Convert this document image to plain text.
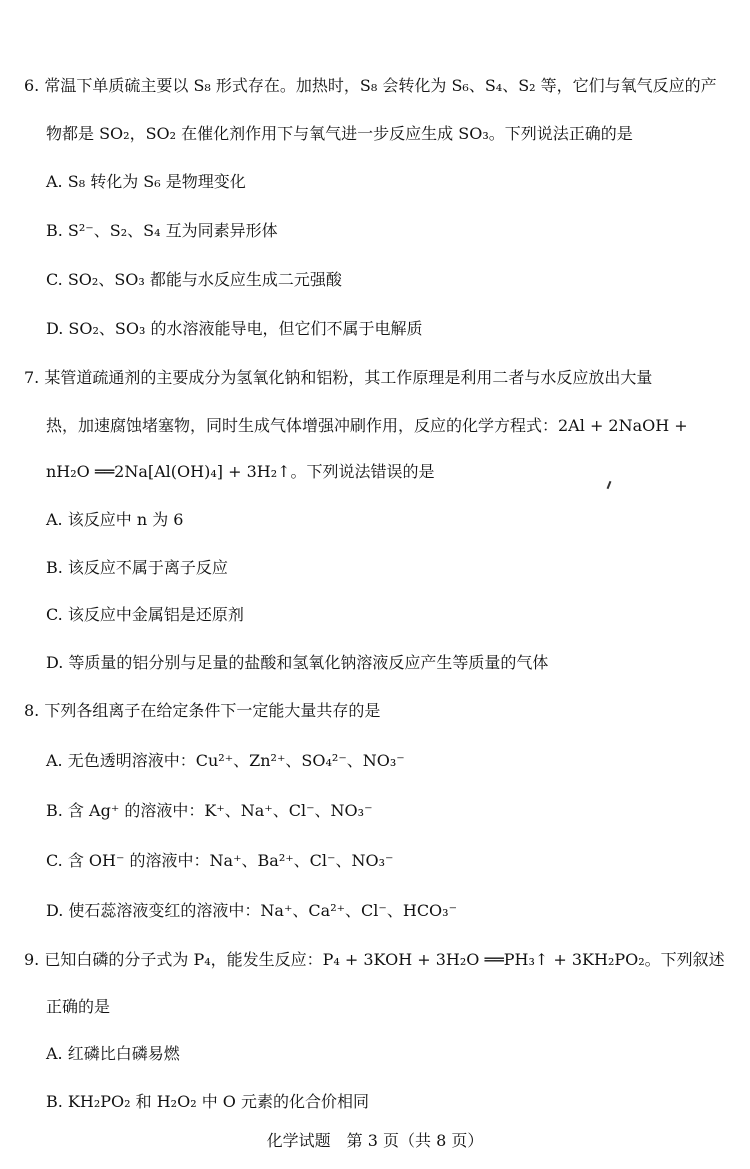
6. 常温下单质硫主要以 S₈ 形式存在。加热时，S₈ 会转化为 S₆、S₄、S₂ 等，它们与氧气反应的产
物都是 SO₂，SO₂ 在催化剂作用下与氧气进一步反应生成 SO₃。下列说法正确的是
A. S₈ 转化为 S₆ 是物理变化
B. S²⁻、S₂、S₄ 互为同素异形体
C. SO₂、SO₃ 都能与水反应生成二元强酸
D. SO₂、SO₃ 的水溶液能导电，但它们不属于电解质
7. 某管道疏通剂的主要成分为氢氧化钠和铝粉，其工作原理是利用二者与水反应放出大量
热，加速腐蚀堵塞物，同时生成气体增强冲刷作用，反应的化学方程式：2Al + 2NaOH +
nH₂O ══2Na[Al(OH)₄] + 3H₂↑。下列说法错误的是
A. 该反应中 n 为 6
B. 该反应不属于离子反应
C. 该反应中金属铝是还原剂
D. 等质量的铝分别与足量的盐酸和氢氧化钠溶液反应产生等质量的气体
8. 下列各组离子在给定条件下一定能大量共存的是
A. 无色透明溶液中：Cu²⁺、Zn²⁺、SO₄²⁻、NO₃⁻
B. 含 Ag⁺ 的溶液中：K⁺、Na⁺、Cl⁻、NO₃⁻
C. 含 OH⁻ 的溶液中：Na⁺、Ba²⁺、Cl⁻、NO₃⁻
D. 使石蕊溶液变红的溶液中：Na⁺、Ca²⁺、Cl⁻、HCO₃⁻
9. 已知白磷的分子式为 P₄，能发生反应：P₄ + 3KOH + 3H₂O ══PH₃↑ + 3KH₂PO₂。下列叙述
正确的是
A. 红磷比白磷易燃
B. KH₂PO₂ 和 H₂O₂ 中 O 元素的化合价相同
化学试题　第 3 页（共 8 页）
